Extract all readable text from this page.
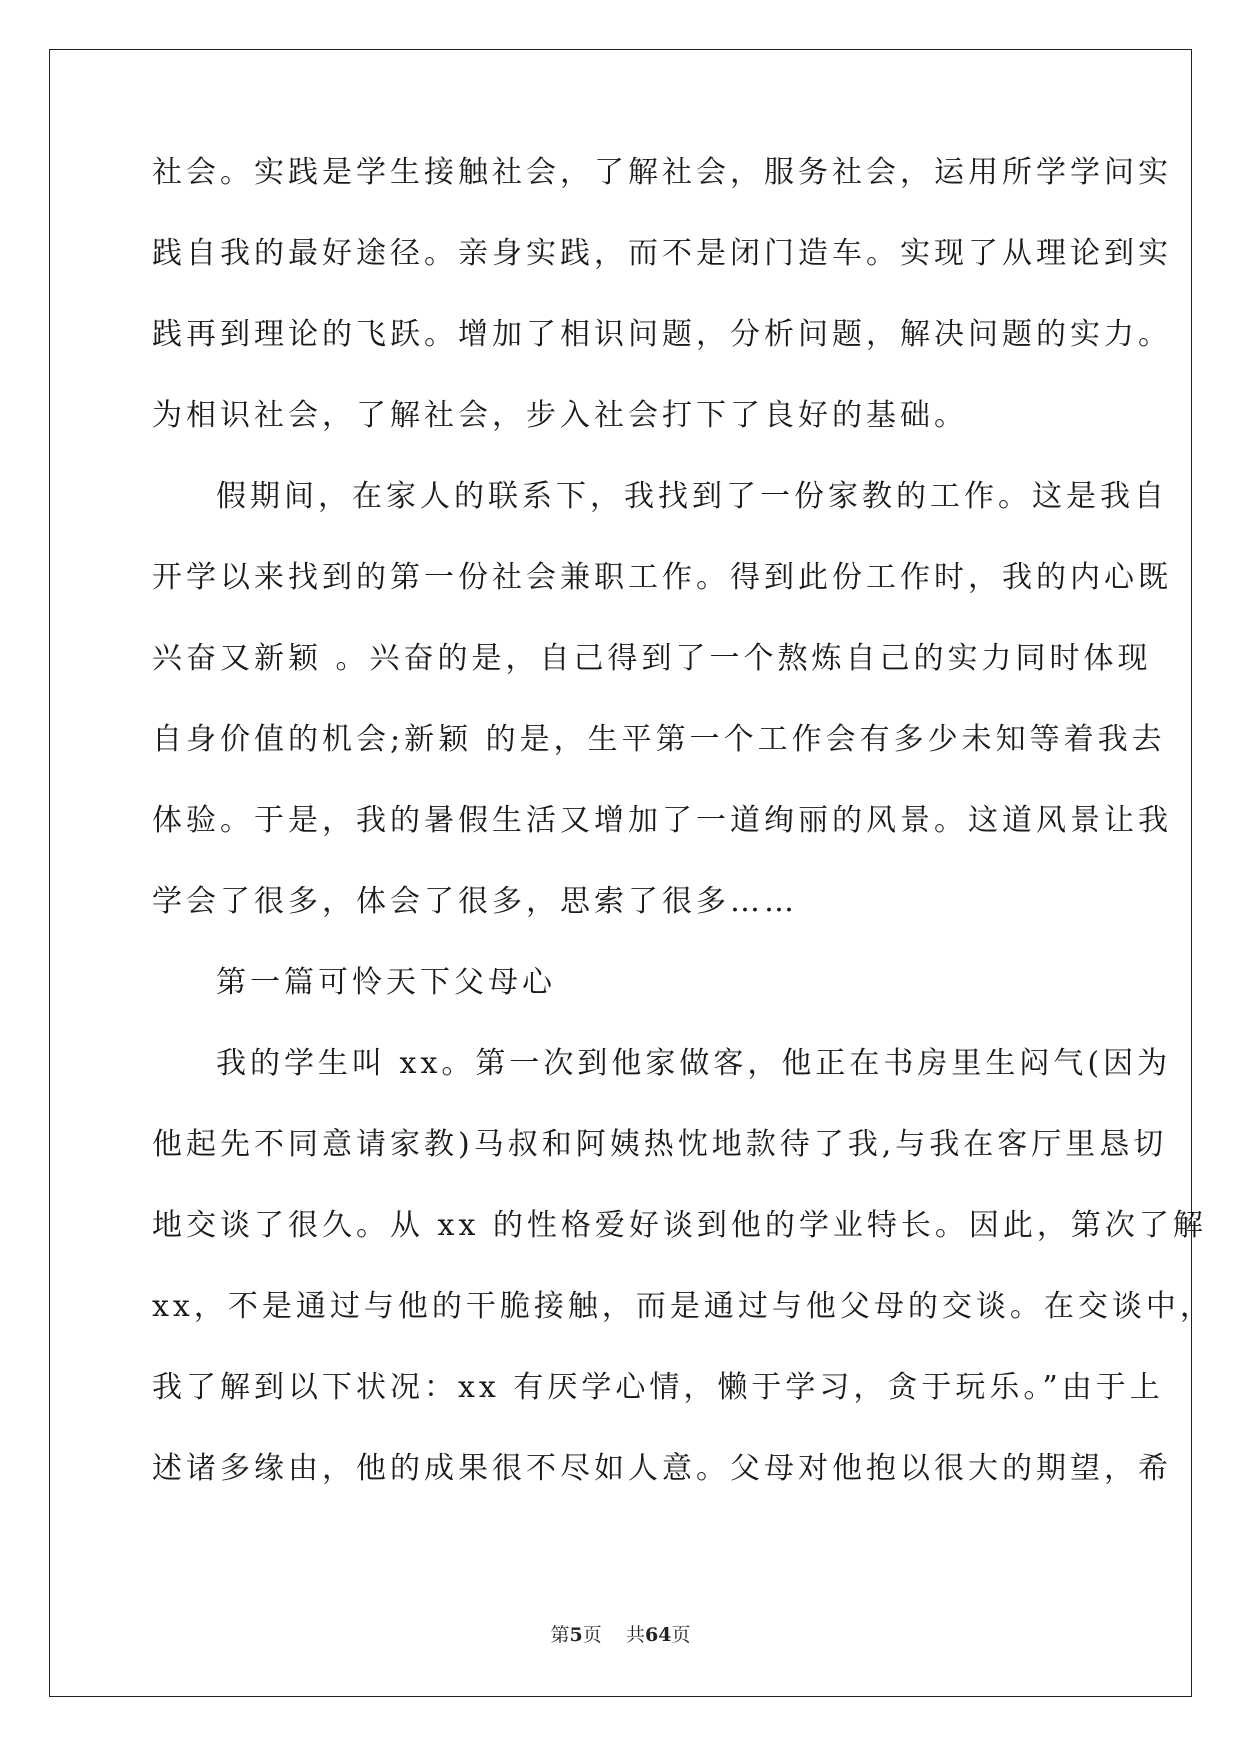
社会。实践是学生接触社会，了解社会，服务社会，运用所学学问实
践自我的最好途径。亲身实践，而不是闭门造车。实现了从理论到实
践再到理论的飞跃。增加了相识问题，分析问题，解决问题的实力。
为相识社会，了解社会，步入社会打下了良好的基础。
假期间，在家人的联系下，我找到了一份家教的工作。这是我自
开学以来找到的第一份社会兼职工作。得到此份工作时，我的内心既
兴奋又新颖 。兴奋的是，自己得到了一个熬炼自己的实力同时体现
自身价值的机会;新颖 的是，生平第一个工作会有多少未知等着我去
体验。于是，我的暑假生活又增加了一道绚丽的风景。这道风景让我
学会了很多，体会了很多，思索了很多……
第一篇可怜天下父母心
我的学生叫 xx。第一次到他家做客，他正在书房里生闷气(因为
他起先不同意请家教)马叔和阿姨热忱地款待了我,与我在客厅里恳切
地交谈了很久。从 xx 的性格爱好谈到他的学业特长。因此，第次了解
xx，不是通过与他的干脆接触，而是通过与他父母的交谈。在交谈中，
我了解到以下状况：xx 有厌学心情，懒于学习，贪于玩乐。”由于上
述诸多缘由，他的成果很不尽如人意。父母对他抱以很大的期望，希
第5页 共64页
